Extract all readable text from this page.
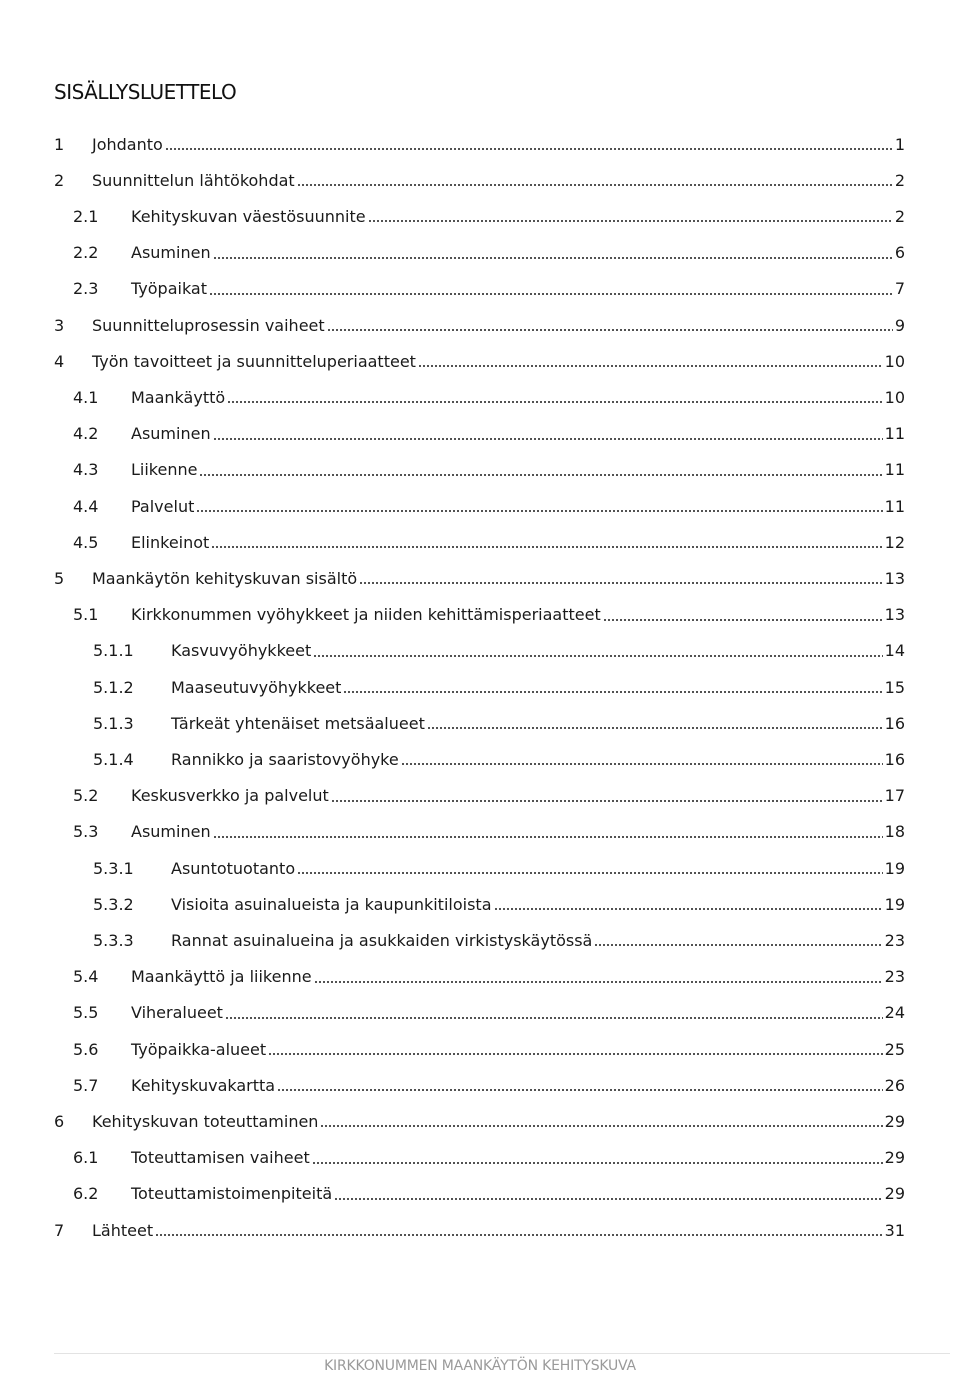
SISÄLLYSLUETTELO
1	Johdanto	1
2	Suunnittelun lähtökohdat	2
2.1	Kehityskuvan väestösuunnite	2
2.2	Asuminen	6
2.3	Työpaikat	7
3	Suunnitteluprosessin vaiheet	9
4	Työn tavoitteet ja suunnitteluperiaatteet	10
4.1	Maankäyttö	10
4.2	Asuminen	11
4.3	Liikenne	11
4.4	Palvelut	11
4.5	Elinkeinot	12
5	Maankäytön kehityskuvan sisältö	13
5.1	Kirkkonummen vyöhykkeet ja niiden kehittämisperiaatteet	13
5.1.1	Kasvuvyöhykkeet	14
5.1.2	Maaseutuvyöhykkeet	15
5.1.3	Tärkeät yhtenäiset metsäalueet	16
5.1.4	Rannikko ja saaristovyöhyke	16
5.2	Keskusverkko ja palvelut	17
5.3	Asuminen	18
5.3.1	Asuntotuotanto	19
5.3.2	Visioita asuinalueista ja kaupunkitiloista	19
5.3.3	Rannat asuinalueina ja asukkaiden virkistyskäytössä	23
5.4	Maankäyttö ja liikenne	23
5.5	Viheralueet	24
5.6	Työpaikka-alueet	25
5.7	Kehityskuvakartta	26
6	Kehityskuvan toteuttaminen	29
6.1	Toteuttamisen vaiheet	29
6.2	Toteuttamistoimenpiteitä	29
7	Lähteet	31
KIRKKONUMMEN MAANKÄYTÖN KEHITYSKUVA
